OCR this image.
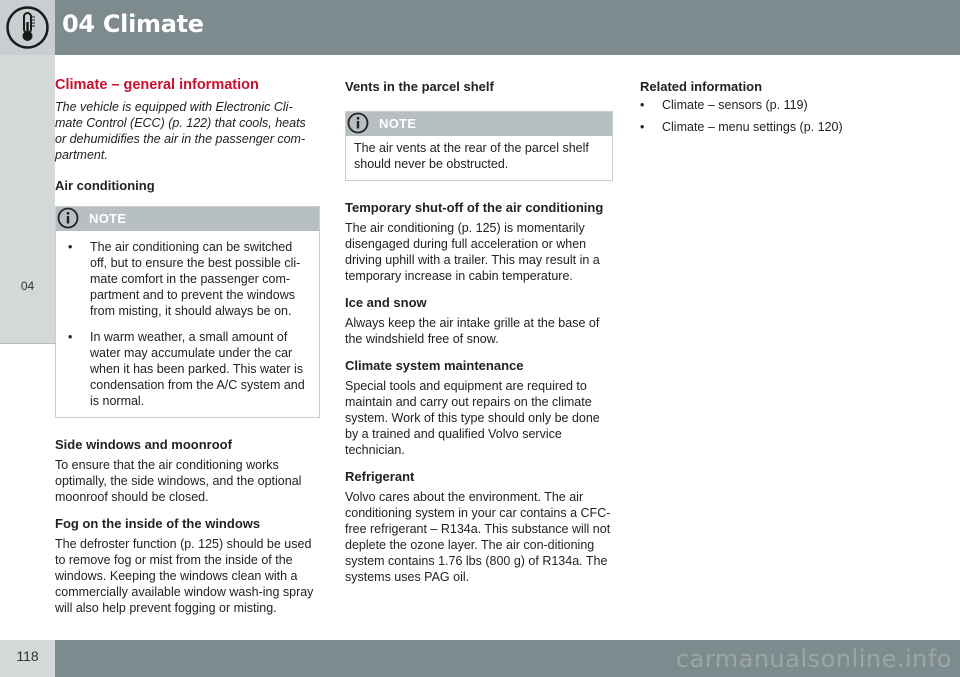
04 Climate
04
Climate – general information
The vehicle is equipped with Electronic Cli-mate Control (ECC) (p. 122) that cools, heats or dehumidifies the air in the passenger com-partment.
Air conditioning
NOTE
• The air conditioning can be switched off, but to ensure the best possible cli-mate comfort in the passenger com-partment and to prevent the windows from misting, it should always be on.
• In warm weather, a small amount of water may accumulate under the car when it has been parked. This water is condensation from the A/C system and is normal.
Side windows and moonroof

To ensure that the air conditioning works optimally, the side windows, and the optional moonroof should be closed.

Fog on the inside of the windows

The defroster function (p. 125) should be used to remove fog or mist from the inside of the windows. Keeping the windows clean with a commercially available window wash-ing spray will also help prevent fogging or misting.

Vents in the parcel shelf
NOTE
The air vents at the rear of the parcel shelf should never be obstructed.
Temporary shut-off of the air conditioning

The air conditioning (p. 125) is momentarily disengaged during full acceleration or when driving uphill with a trailer. This may result in a temporary increase in cabin temperature.

Ice and snow

Always keep the air intake grille at the base of the windshield free of snow.

Climate system maintenance

Special tools and equipment are required to maintain and carry out repairs on the climate system. Work of this type should only be done by a trained and qualified Volvo service technician.

Refrigerant

Volvo cares about the environment. The air conditioning system in your car contains a CFC-free refrigerant – R134a. This substance will not deplete the ozone layer. The air con-ditioning system contains 1.76 lbs (800 g) of R134a. The systems uses PAG oil.

Related information
• Climate – sensors (p. 119)
• Climate – menu settings (p. 120)
118	carmanualsonline.info
